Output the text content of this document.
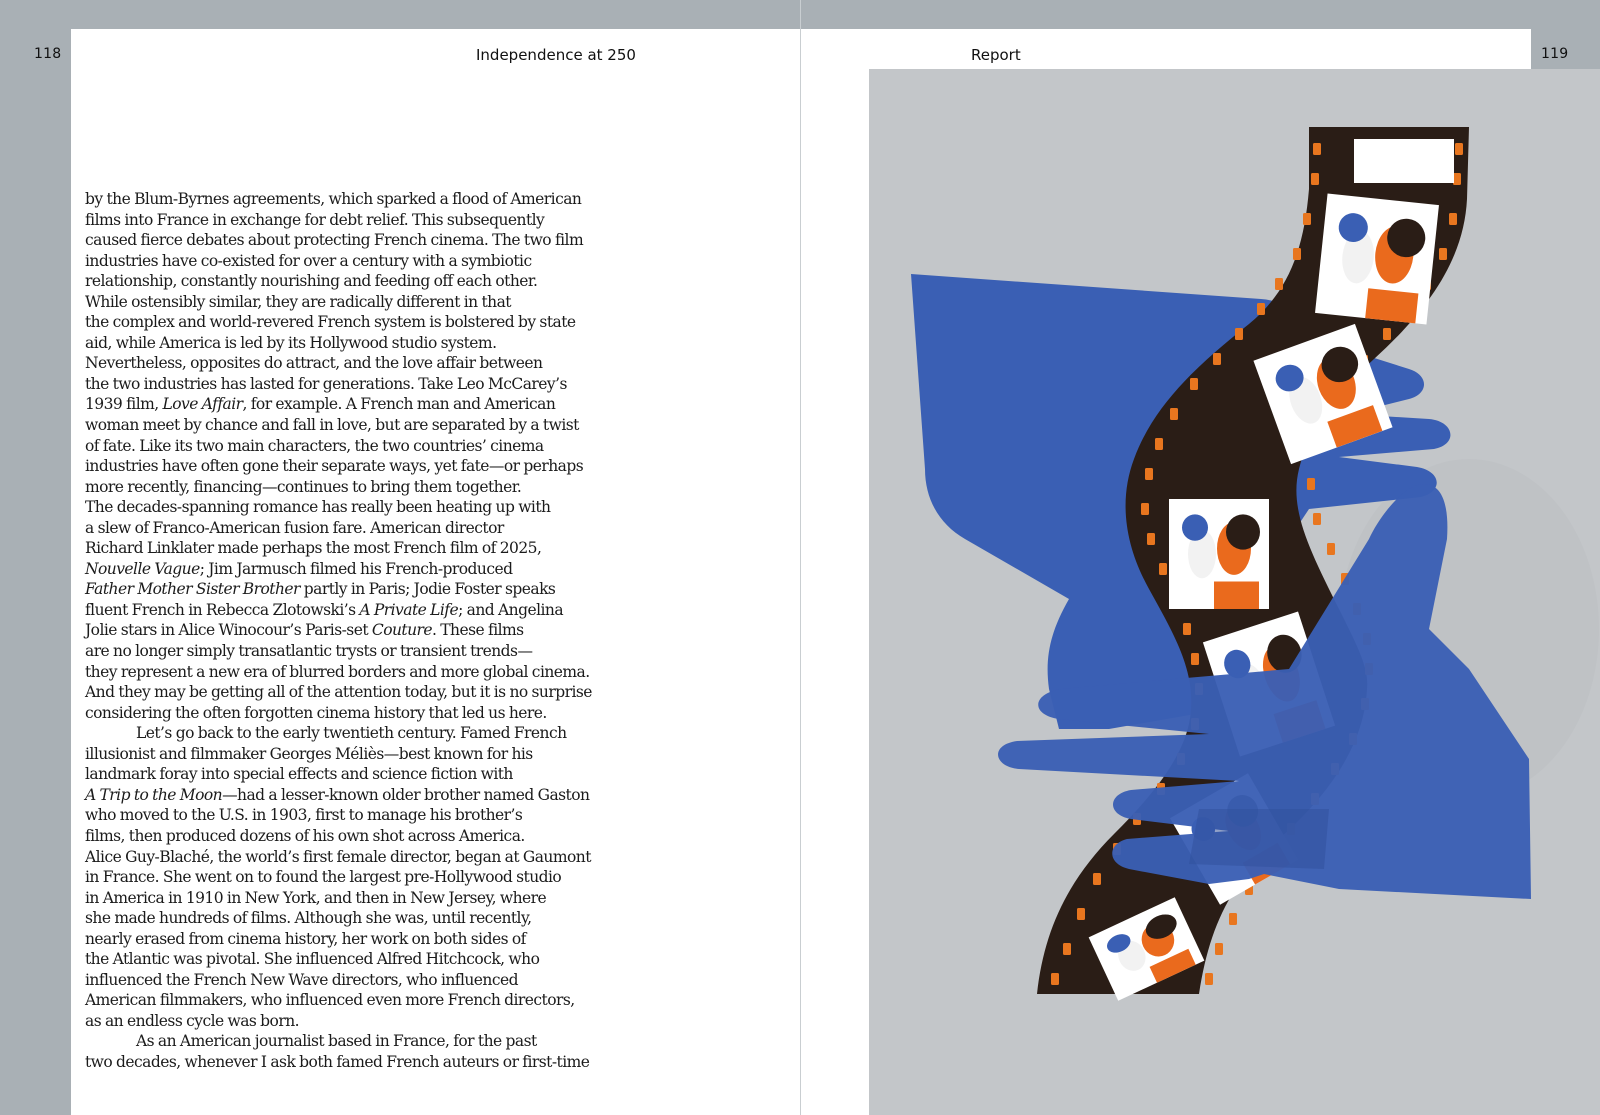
118	Independence at 250	Report	119
by the Blum-Byrnes agreements, which sparked a flood of American
films into France in exchange for debt relief. This subsequently
caused fierce debates about protecting French cinema. The two film
industries have co-existed for over a century with a symbiotic
relationship, constantly nourishing and feeding off each other.
While ostensibly similar, they are radically different in that
the complex and world-revered French system is bolstered by state
aid, while America is led by its Hollywood studio system.
Nevertheless, opposites do attract, and the love affair between
the two industries has lasted for generations. Take Leo McCarey’s
1939 film, Love Affair, for example. A French man and American
woman meet by chance and fall in love, but are separated by a twist
of fate. Like its two main characters, the two countries’ cinema
industries have often gone their separate ways, yet fate—or perhaps
more recently, financing—continues to bring them together.
The decades-spanning romance has really been heating up with
a slew of Franco-American fusion fare. American director
Richard Linklater made perhaps the most French film of 2025,
Nouvelle Vague; Jim Jarmusch filmed his French-produced
Father Mother Sister Brother partly in Paris; Jodie Foster speaks
fluent French in Rebecca Zlotowski’s A Private Life; and Angelina
Jolie stars in Alice Winocour’s Paris-set Couture. These films
are no longer simply transatlantic trysts or transient trends—
they represent a new era of blurred borders and more global cinema.
And they may be getting all of the attention today, but it is no surprise
considering the often forgotten cinema history that led us here.
Let’s go back to the early twentieth century. Famed French
illusionist and filmmaker Georges Méliès—best known for his
landmark foray into special effects and science fiction with
A Trip to the Moon—had a lesser-known older brother named Gaston
who moved to the U.S. in 1903, first to manage his brother’s
films, then produced dozens of his own shot across America.
Alice Guy-Blaché, the world’s first female director, began at Gaumont
in France. She went on to found the largest pre-Hollywood studio
in America in 1910 in New York, and then in New Jersey, where
she made hundreds of films. Although she was, until recently,
nearly erased from cinema history, her work on both sides of
the Atlantic was pivotal. She influenced Alfred Hitchcock, who
influenced the French New Wave directors, who influenced
American filmmakers, who influenced even more French directors,
as an endless cycle was born.
As an American journalist based in France, for the past
two decades, whenever I ask both famed French auteurs or first-time
